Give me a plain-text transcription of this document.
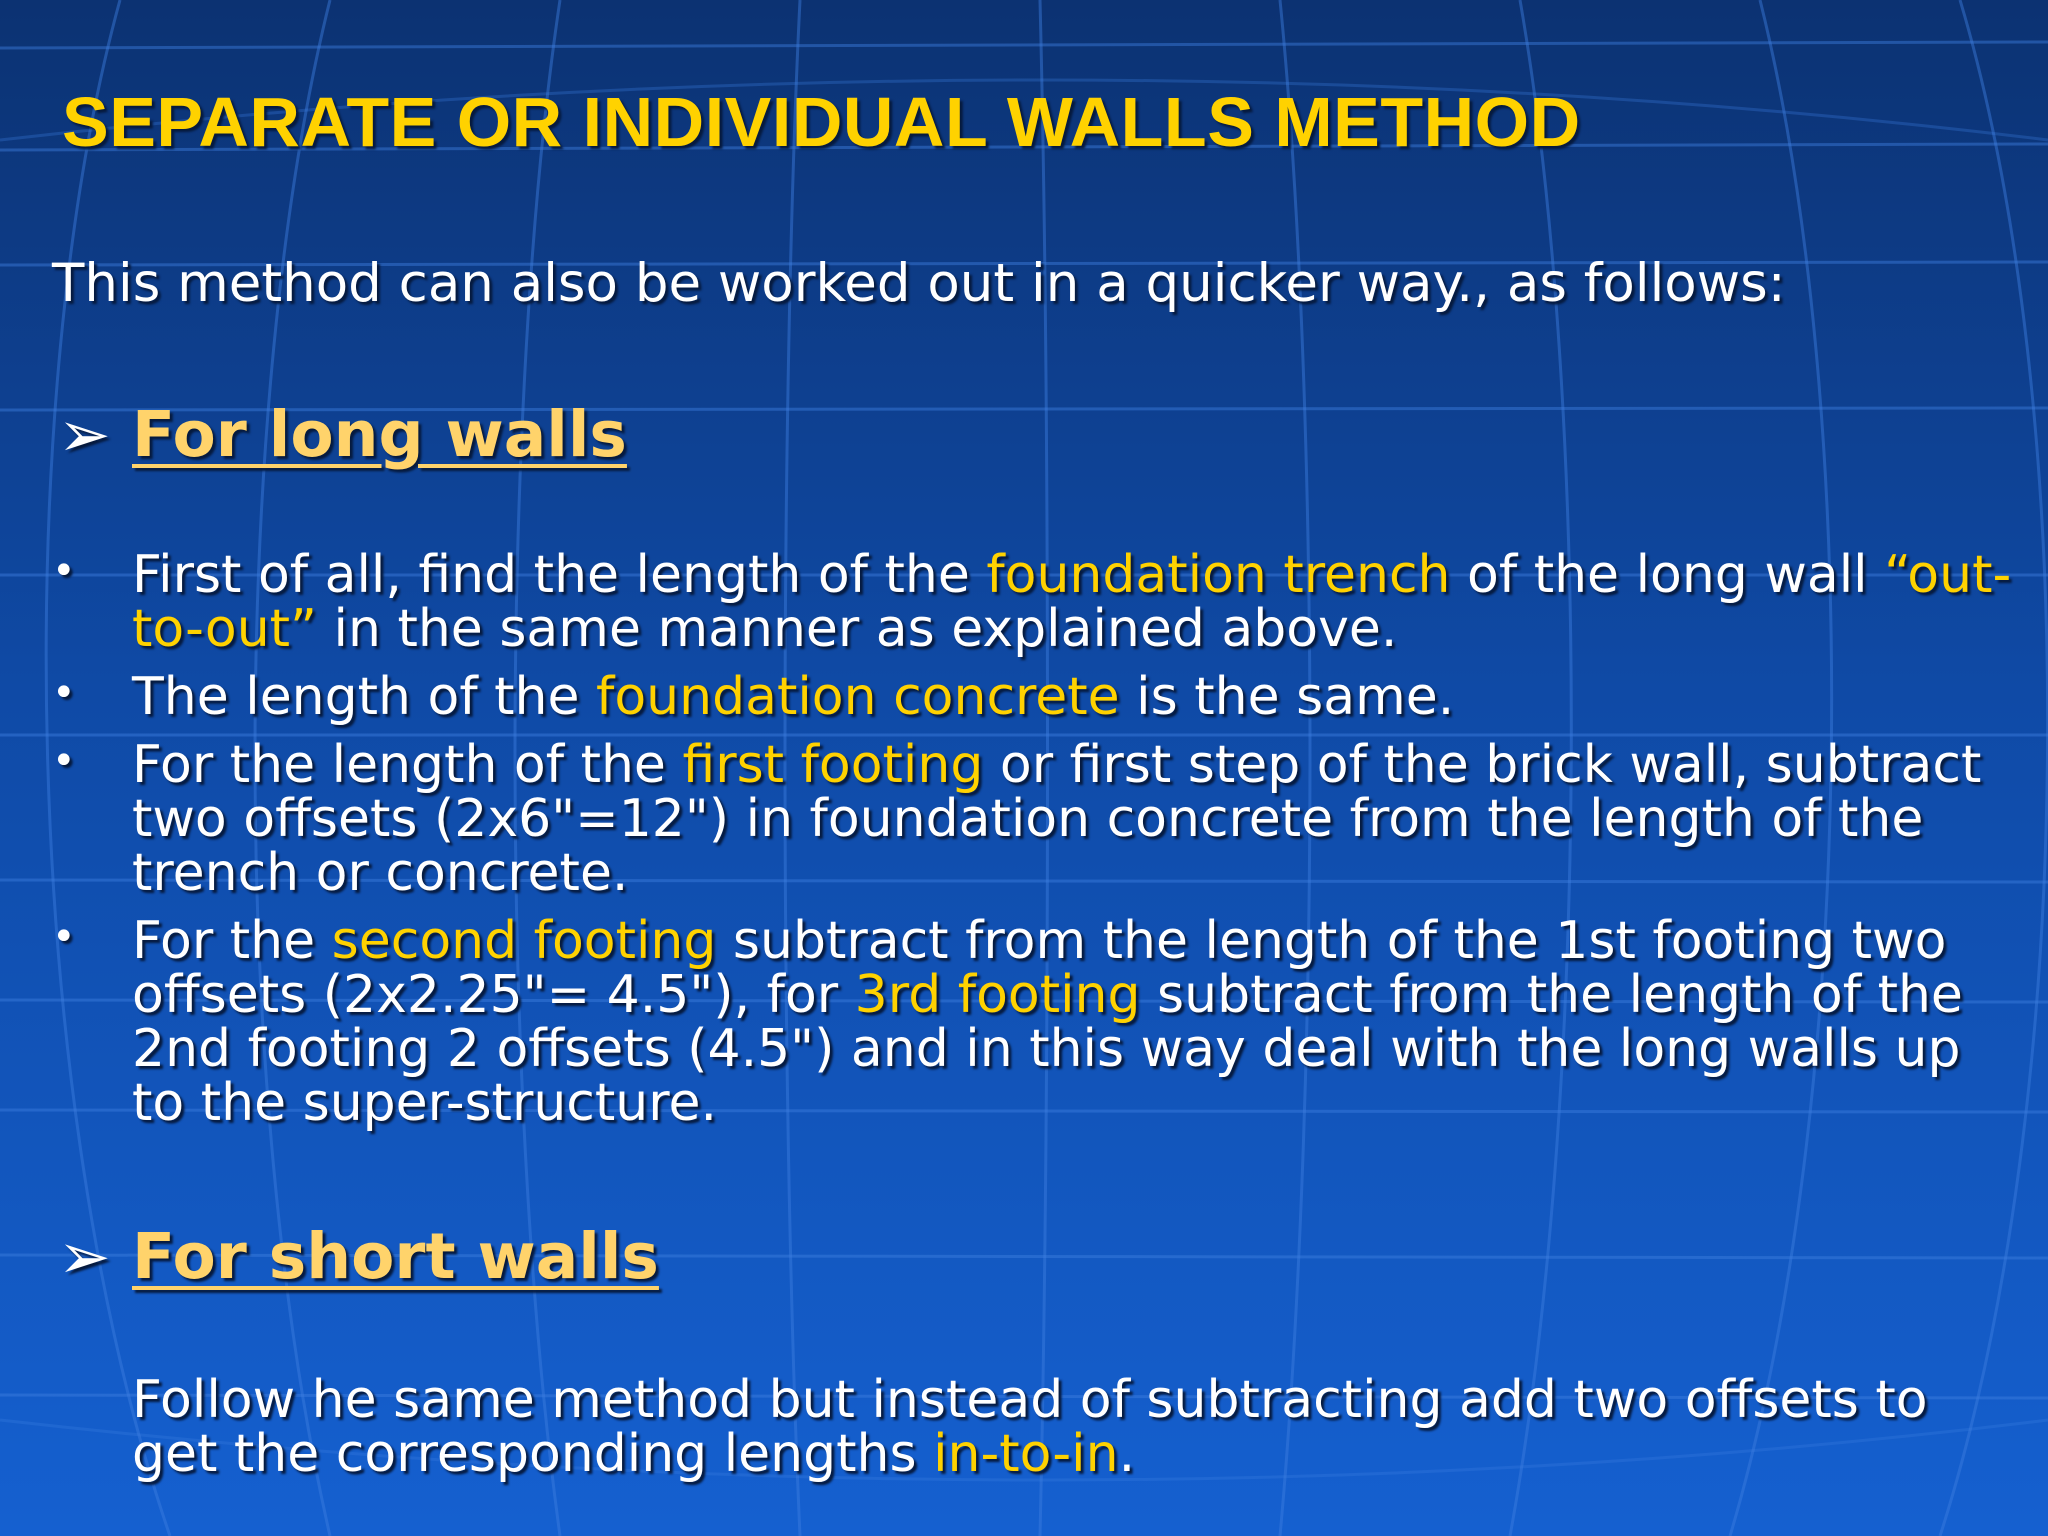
SEPARATE OR INDIVIDUAL WALLS METHOD

This method can also be worked out in a quicker way., as follows:

➢ For long walls
• First of all, find the length of the foundation trench of the long wall “out-to-out” in the same manner as explained above.
• The length of the foundation concrete is the same.
• For the length of the first footing or first step of the brick wall, subtract two offsets (2x6"=12") in foundation concrete from the length of the trench or concrete.
• For the second footing subtract from the length of the 1st footing two offsets (2x2.25"= 4.5"), for 3rd footing subtract from the length of the 2nd footing 2 offsets (4.5") and in this way deal with the long walls up to the super-structure.
➢ For short walls

Follow he same method but instead of subtracting add two offsets to get the corresponding lengths in-to-in.
